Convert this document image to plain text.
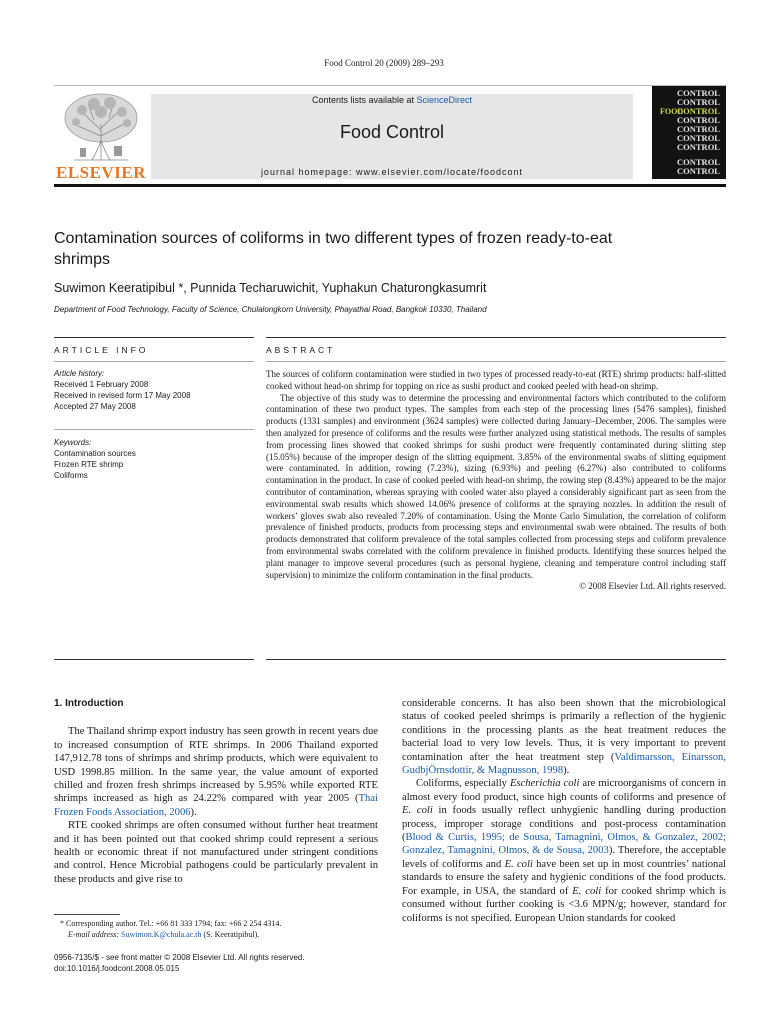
Food Control 20 (2009) 289–293
ELSEVIER
Contents lists available at ScienceDirect
Food Control
journal homepage: www.elsevier.com/locate/foodcont
FOOD
CONTROL
CONTROL
CONTROL
CONTROL
CONTROL
CONTROL
CONTROL
CONTROL
CONTROL
Contamination sources of coliforms in two different types of frozen ready-to-eat shrimps
Suwimon Keeratipibul *, Punnida Techaruwichit, Yuphakun Chaturongkasumrit
Department of Food Technology, Faculty of Science, Chulalongkorn University, Phayathai Road, Bangkok 10330, Thailand
ARTICLE INFO
Article history:
Received 1 February 2008
Received in revised form 17 May 2008
Accepted 27 May 2008
Keywords:
Contamination sources
Frozen RTE shrimp
Coliforms
ABSTRACT

The sources of coliform contamination were studied in two types of processed ready-to-eat (RTE) shrimp products: half-slitted cooked without head-on shrimp for topping on rice as sushi product and cooked peeled with head-on shrimp.

The objective of this study was to determine the processing and environmental factors which contributed to the coliform contamination of these two product types. The samples from each step of the processing lines (5476 samples), finished products (1331 samples) and environment (3624 samples) were collected during January–December, 2006. The samples were then analyzed for presence of coliforms and the results were further analyzed using statistical methods. The results of samples from processing lines showed that cooked shrimps for sushi product were frequently contaminated during slitting step (15.05%) because of the improper design of the slitting equipment. 3.85% of the environmental swabs of slitting equipment were contaminated. In addition, rowing (7.23%), sizing (6.93%) and peeling (6.27%) also contributed to coliforms contamination in the product. In case of cooked peeled with head-on shrimp, the rowing step (8.43%) appeared to be the major contributor of contamination, whereas spraying with cooled water also played a considerably significant part as seen from the environmental swab results which showed 14.06% presence of coliforms at the spraying nozzles. In addition the result of workers’ gloves swab also revealed 7.20% of contamination. Using the Monte Carlo Simulation, the correlation of coliform prevalence of finished products, products from processing steps and environmental swab were obtained. The results of both products demonstrated that coliform prevalence of the total samples collected from processing steps and coliform prevalence from environmental swabs correlated with the coliform prevalence in finished products. Identifying these sources helped the plant manager to improve several procedures (such as personal hygiene, cleaning and temperature control including staff supervision) to minimize the coliform contamination in the final products.

© 2008 Elsevier Ltd. All rights reserved.

1. Introduction

The Thailand shrimp export industry has seen growth in recent years due to increased consumption of RTE shrimps. In 2006 Thailand exported 147,912.78 tons of shrimps and shrimp products, which were equivalent to USD 1998.85 million. In the same year, the value amount of exported chilled and frozen fresh shrimps increased by 5.95% while exported RTE shrimps increased as high as 24.22% compared with year 2005 (Thai Frozen Foods Association, 2006).

RTE cooked shrimps are often consumed without further heat treatment and it has been pointed out that cooked shrimp could represent a serious health or economic threat if not manufactured under stringent conditions and control. Hence Microbial pathogens could be particularly prevalent in these products and give rise to

* Corresponding author. Tel.: +66 81 333 1794; fax: +66 2 254 4314.
E-mail address: Suwimon.K@chula.ac.th (S. Keeratipibul).
0956-7135/$ - see front matter © 2008 Elsevier Ltd. All rights reserved.
doi:10.1016/j.foodcont.2008.05.015

considerable concerns. It has also been shown that the microbiological status of cooked peeled shrimps is primarily a reflection of the hygienic conditions in the processing plants as the heat treatment reduces the bacterial load to very low levels. Thus, it is very important to prevent contamination after the heat treatment step (Valdimarsson, Einarsson, GudbjÖrnsdottir, & Magnusson, 1998).

Coliforms, especially Escherichia coli are microorganisms of concern in almost every food product, since high counts of coliforms and presence of E. coli in foods usually reflect unhygienic handling during production process, improper storage conditions and post-process contamination (Blood & Curtis, 1995; de Sousa, Tamagnini, Olmos, & Gonzalez, 2002; Gonzalez, Tamagnini, Olmos, & de Sousa, 2003). Therefore, the acceptable levels of coliforms and E. coli have been set up in most countries’ national standards to ensure the safety and hygienic conditions of the food products. For example, in USA, the standard of E. coli for cooked shrimp which is consumed without further cooking is <3.6 MPN/g; however, standard for coliforms is not specified. European Union standards for cooked
